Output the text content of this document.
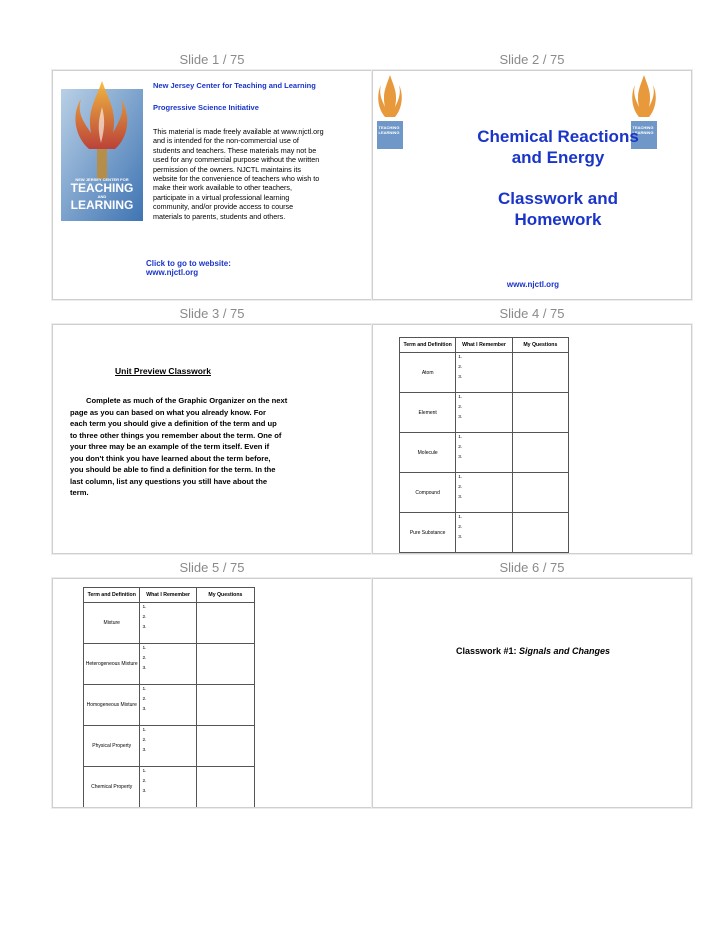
Slide 1 / 75	Slide 2 / 75
Slide 3 / 75	Slide 4 / 75
Slide 5 / 75	Slide 6 / 75
NEW JERSEY CENTER FOR
TEACHING
AND
LEARNING
New Jersey Center for Teaching and Learning
Progressive Science Initiative
This material is made freely available at www.njctl.org
and is intended for the non-commercial use of
students and teachers. These materials may not be
used for any commercial purpose without the written
permission of the owners. NJCTL maintains its
website for the convenience of teachers who wish to
make their work available to other teachers,
participate in a virtual professional learning
community, and/or provide access to course
materials to parents, students and others.
Click to go to website:
www.njctl.org
TEACHING
LEARNING
TEACHING
LEARNING
Chemical Reactions
and Energy
Classwork and
Homework
www.njctl.org
Unit Preview Classwork
Complete as much of the Graphic Organizer on the next
page as you can based on what you already know. For
each term you should give a definition of the term and up
to three other things you remember about the term. One of
your three may be an example of the term itself. Even if
you don't think you have learned about the term before,
you should be able to find a definition for the term. In the
last column, list any questions you still have about the
term.
Term and Definition	What I Remember	My Questions
Atom	1.
2.
3.	

Element	1.
2.
3.	

Molecule	1.
2.
3.	

Compound	1.
2.
3.	

Pure Substance	1.
2.
3.	

Term and Definition	What I Remember	My Questions
Mixture	1.
2.
3.	

Heterogeneous Mixture	1.
2.
3.	

Homogeneous Mixture	1.
2.
3.	

Physical Property	1.
2.
3.	

Chemical Property	1.
2.
3.	

Classwork #1: Signals and Changes
